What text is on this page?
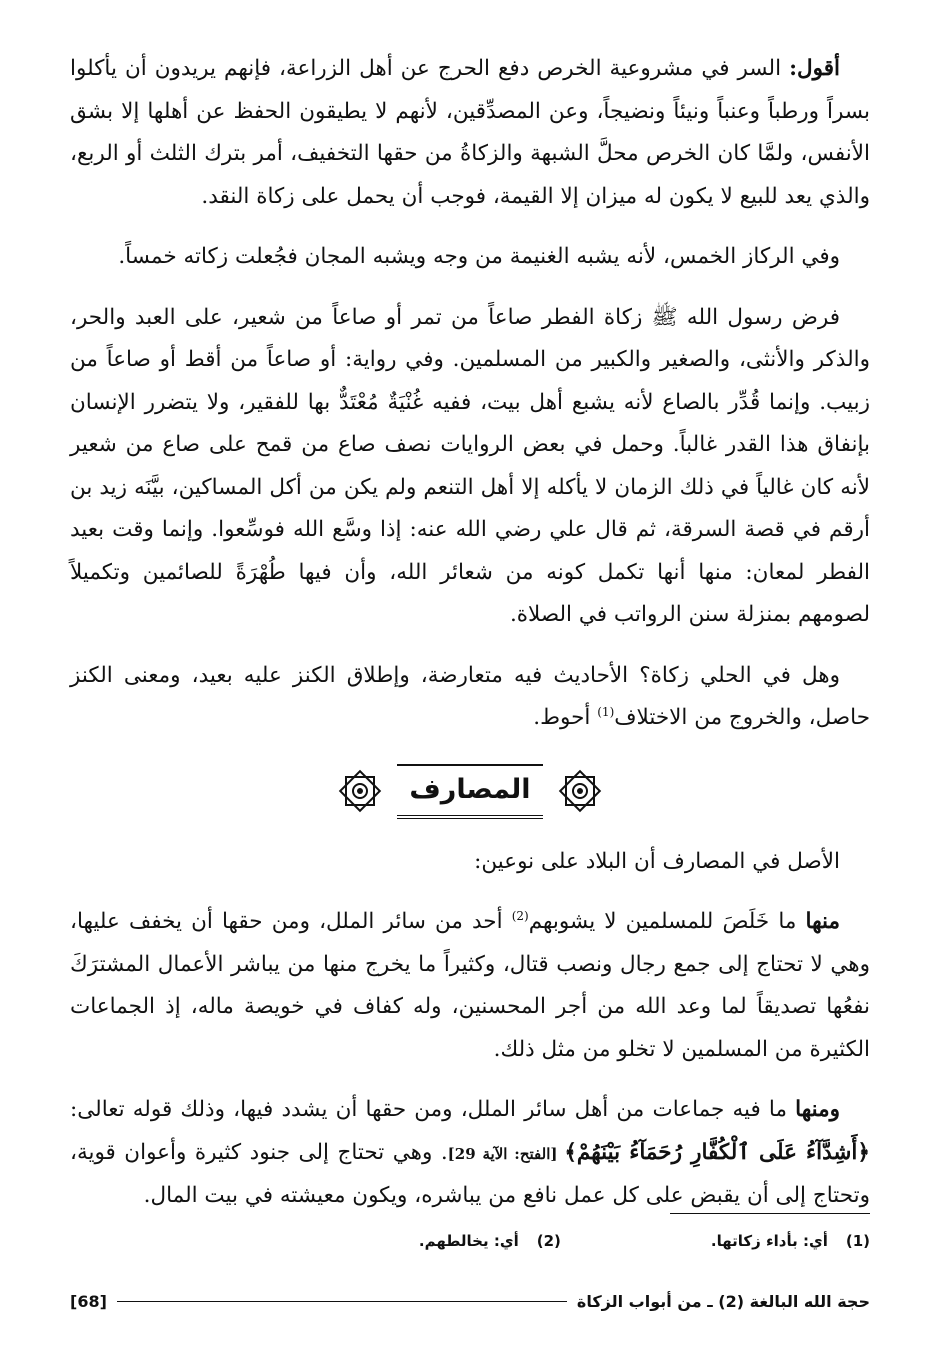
أقول: السر في مشروعية الخرص دفع الحرج عن أهل الزراعة، فإنهم يريدون أن يأكلوا بسراً ورطباً وعنباً ونيئاً ونضيجاً، وعن المصدِّقين، لأنهم لا يطيقون الحفظ عن أهلها إلا بشق الأنفس، ولمَّا كان الخرص محلَّ الشبهة والزكاةُ من حقها التخفيف، أمر بترك الثلث أو الربع، والذي يعد للبيع لا يكون له ميزان إلا القيمة، فوجب أن يحمل على زكاة النقد.

وفي الركاز الخمس، لأنه يشبه الغنيمة من وجه ويشبه المجان فجُعلت زكاته خمساً.

فرض رسول الله ﷺ زكاة الفطر صاعاً من تمر أو صاعاً من شعير، على العبد والحر، والذكر والأنثى، والصغير والكبير من المسلمين. وفي رواية: أو صاعاً من أقط أو صاعاً من زبيب. وإنما قُدِّر بالصاع لأنه يشبع أهل بيت، ففيه غُنْيَةٌ مُعْتَدٌّ بها للفقير، ولا يتضرر الإنسان بإنفاق هذا القدر غالباً. وحمل في بعض الروايات نصف صاع من قمح على صاع من شعير لأنه كان غالياً في ذلك الزمان لا يأكله إلا أهل التنعم ولم يكن من أكل المساكين، بيَّنَه زيد بن أرقم في قصة السرقة، ثم قال علي رضي الله عنه: إذا وسَّع الله فوسِّعوا. وإنما وقت بعيد الفطر لمعان: منها أنها تكمل كونه من شعائر الله، وأن فيها طُهْرَةً للصائمين وتكميلاً لصومهم بمنزلة سنن الرواتب في الصلاة.

وهل في الحلي زكاة؟ الأحاديث فيه متعارضة، وإطلاق الكنز عليه بعيد، ومعنى الكنز حاصل، والخروج من الاختلاف$^{(1)}$ أحوط.

المصارف

الأصل في المصارف أن البلاد على نوعين:

منها ما خَلَصَ للمسلمين لا يشوبهم$^{(2)}$ أحد من سائر الملل، ومن حقها أن يخفف عليها، وهي لا تحتاج إلى جمع رجال ونصب قتال، وكثيراً ما يخرج منها من يباشر الأعمال المشترَكَ نفعُها تصديقاً لما وعد الله من أجر المحسنين، وله كفاف في خويصة ماله، إذ الجماعات الكثيرة من المسلمين لا تخلو من مثل ذلك.

ومنها ما فيه جماعات من أهل سائر الملل، ومن حقها أن يشدد فيها، وذلك قوله تعالى: ﴿أَشِدَّآءُ عَلَى ٱلْكُفَّارِ رُحَمَآءُ بَيْنَهُمْ﴾ [الفتح: الآية 29]. وهي تحتاج إلى جنود كثيرة وأعوان قوية، وتحتاج إلى أن يقبض على كل عمل نافع من يباشره، ويكون معيشته في بيت المال.

(1)
أي: بأداء زكاتها.
(2)
أي: يخالطهم.
حجة الله البالغة (2) ـ من أبواب الزكاة
[68]
